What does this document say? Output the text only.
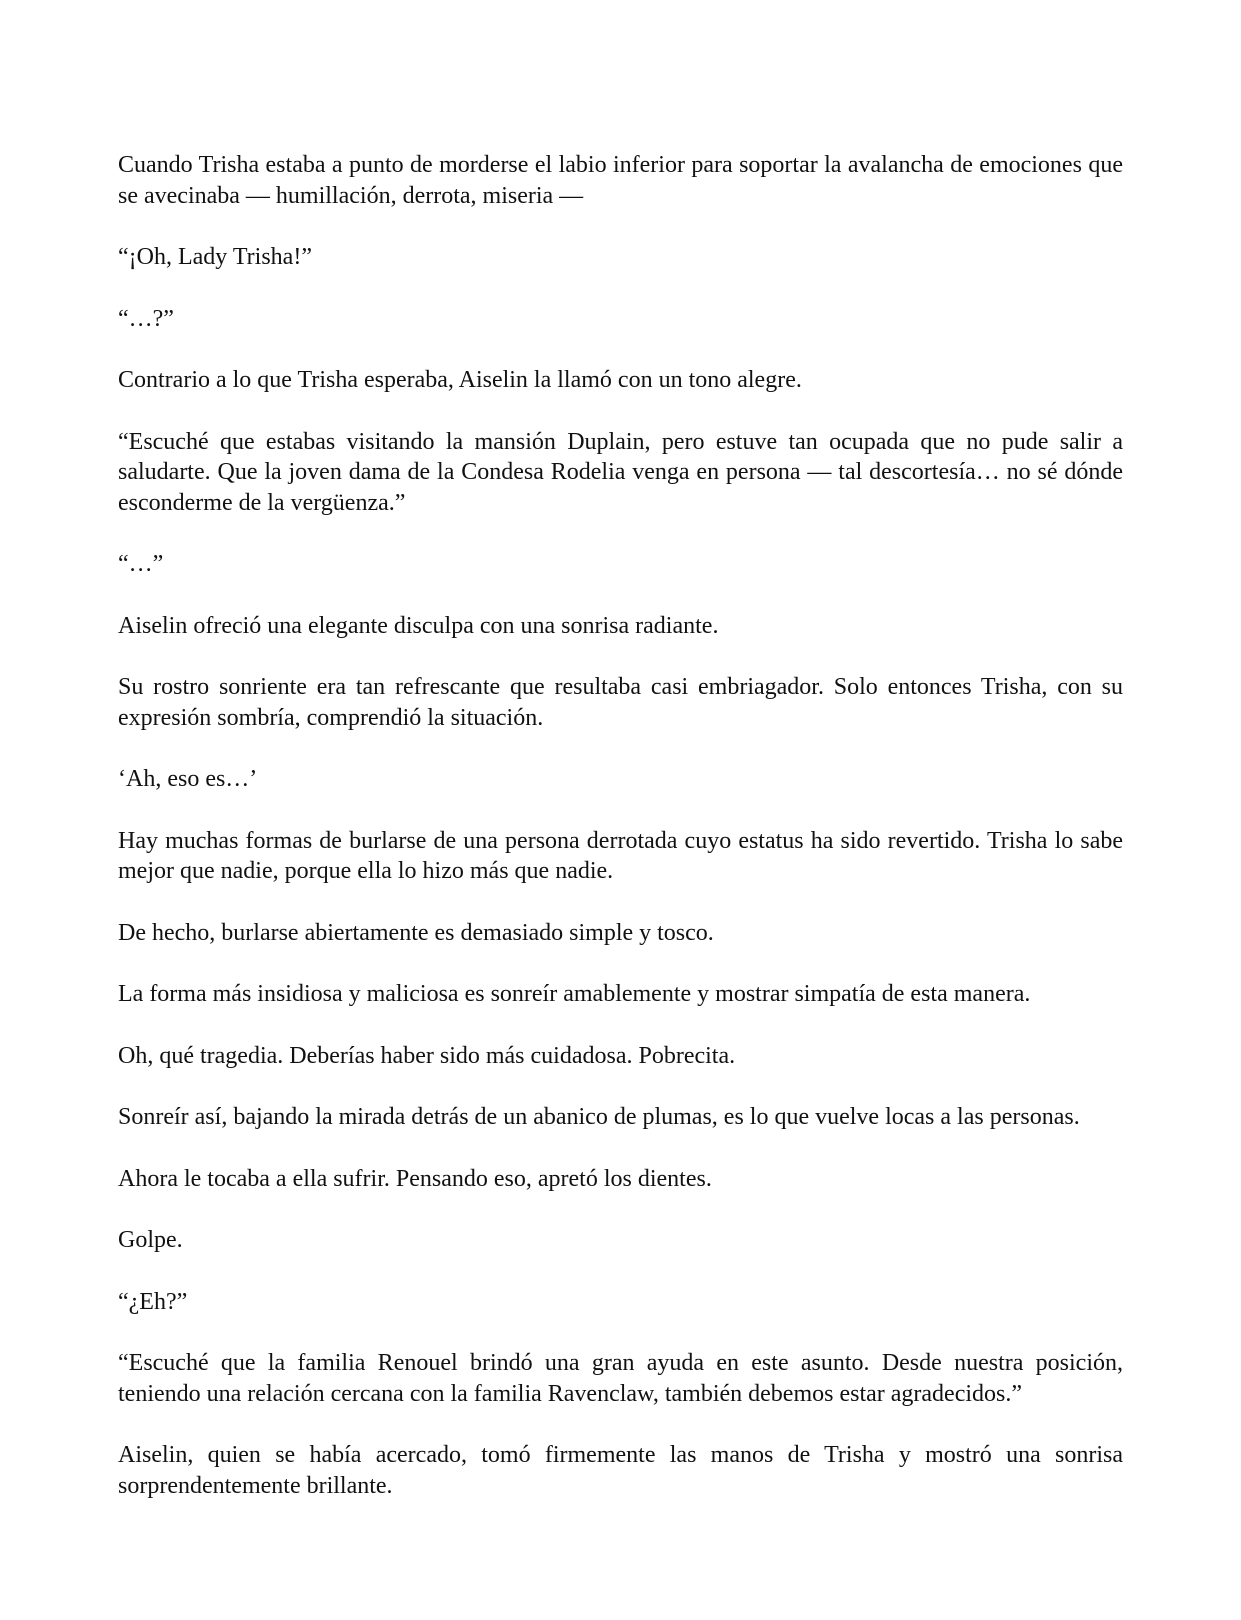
Cuando Trisha estaba a punto de morderse el labio inferior para soportar la avalancha de emociones que se avecinaba — humillación, derrota, miseria —

“¡Oh, Lady Trisha!”

“…?”

Contrario a lo que Trisha esperaba, Aiselin la llamó con un tono alegre.

“Escuché que estabas visitando la mansión Duplain, pero estuve tan ocupada que no pude salir a saludarte. Que la joven dama de la Condesa Rodelia venga en persona — tal descortesía… no sé dónde esconderme de la vergüenza.”

“…”

Aiselin ofreció una elegante disculpa con una sonrisa radiante.

Su rostro sonriente era tan refrescante que resultaba casi embriagador. Solo entonces Trisha, con su expresión sombría, comprendió la situación.

‘Ah, eso es…’

Hay muchas formas de burlarse de una persona derrotada cuyo estatus ha sido revertido. Trisha lo sabe mejor que nadie, porque ella lo hizo más que nadie.

De hecho, burlarse abiertamente es demasiado simple y tosco.

La forma más insidiosa y maliciosa es sonreír amablemente y mostrar simpatía de esta manera.

Oh, qué tragedia. Deberías haber sido más cuidadosa. Pobrecita.

Sonreír así, bajando la mirada detrás de un abanico de plumas, es lo que vuelve locas a las personas.

Ahora le tocaba a ella sufrir. Pensando eso, apretó los dientes.

Golpe.

“¿Eh?”

“Escuché que la familia Renouel brindó una gran ayuda en este asunto. Desde nuestra posición, teniendo una relación cercana con la familia Ravenclaw, también debemos estar agradecidos.”

Aiselin, quien se había acercado, tomó firmemente las manos de Trisha y mostró una sonrisa sorprendentemente brillante.
